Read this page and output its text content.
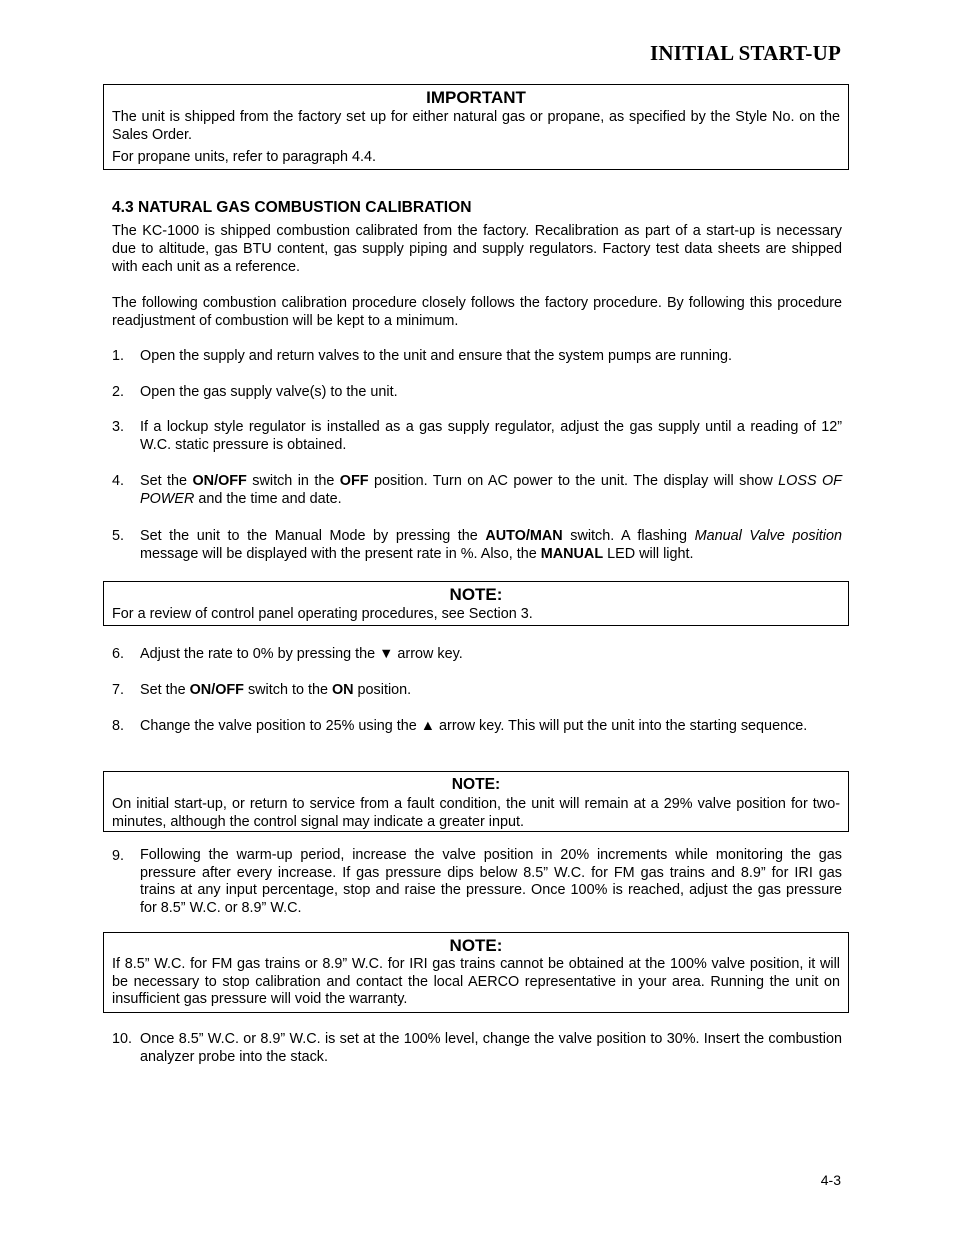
INITIAL START-UP
IMPORTANT
The unit is shipped from the factory set up for either natural gas or propane, as specified by the Style No. on the Sales Order.
For propane units, refer to paragraph 4.4.
4.3 NATURAL GAS COMBUSTION CALIBRATION
The KC-1000 is shipped combustion calibrated from the factory. Recalibration as part of a start-up is necessary due to altitude, gas BTU content, gas supply piping and supply regulators. Factory test data sheets are shipped with each unit as a reference.
The following combustion calibration procedure closely follows the factory procedure. By following this procedure readjustment of combustion will be kept to a minimum.
1. Open the supply and return valves to the unit and ensure that the system pumps are running.
2. Open the gas supply valve(s) to the unit.
3. If a lockup style regulator is installed as a gas supply regulator, adjust the gas supply until a reading of 12” W.C. static pressure is obtained.
4. Set the ON/OFF switch in the OFF position. Turn on AC power to the unit. The display will show LOSS OF POWER and the time and date.
5. Set the unit to the Manual Mode by pressing the AUTO/MAN switch. A flashing Manual Valve position message will be displayed with the present rate in %. Also, the MANUAL LED will light.
NOTE:
For a review of control panel operating procedures, see Section 3.
6. Adjust the rate to 0% by pressing the ▼ arrow key.
7. Set the ON/OFF switch to the ON position.
8. Change the valve position to 25% using the ▲ arrow key. This will put the unit into the starting sequence.
NOTE:
On initial start-up, or return to service from a fault condition, the unit will remain at a 29% valve position for two-minutes, although the control signal may indicate a greater input.
9. Following the warm-up period, increase the valve position in 20% increments while monitoring the gas pressure after every increase. If gas pressure dips below 8.5” W.C. for FM gas trains and 8.9” for IRI gas trains at any input percentage, stop and raise the pressure. Once 100% is reached, adjust the gas pressure for 8.5” W.C. or 8.9” W.C.
NOTE:
If 8.5” W.C. for FM gas trains or 8.9” W.C. for IRI gas trains cannot be obtained at the 100% valve position, it will be necessary to stop calibration and contact the local AERCO representative in your area. Running the unit on insufficient gas pressure will void the warranty.
10. Once 8.5” W.C. or 8.9” W.C. is set at the 100% level, change the valve position to 30%. Insert the combustion analyzer probe into the stack.
4-3
